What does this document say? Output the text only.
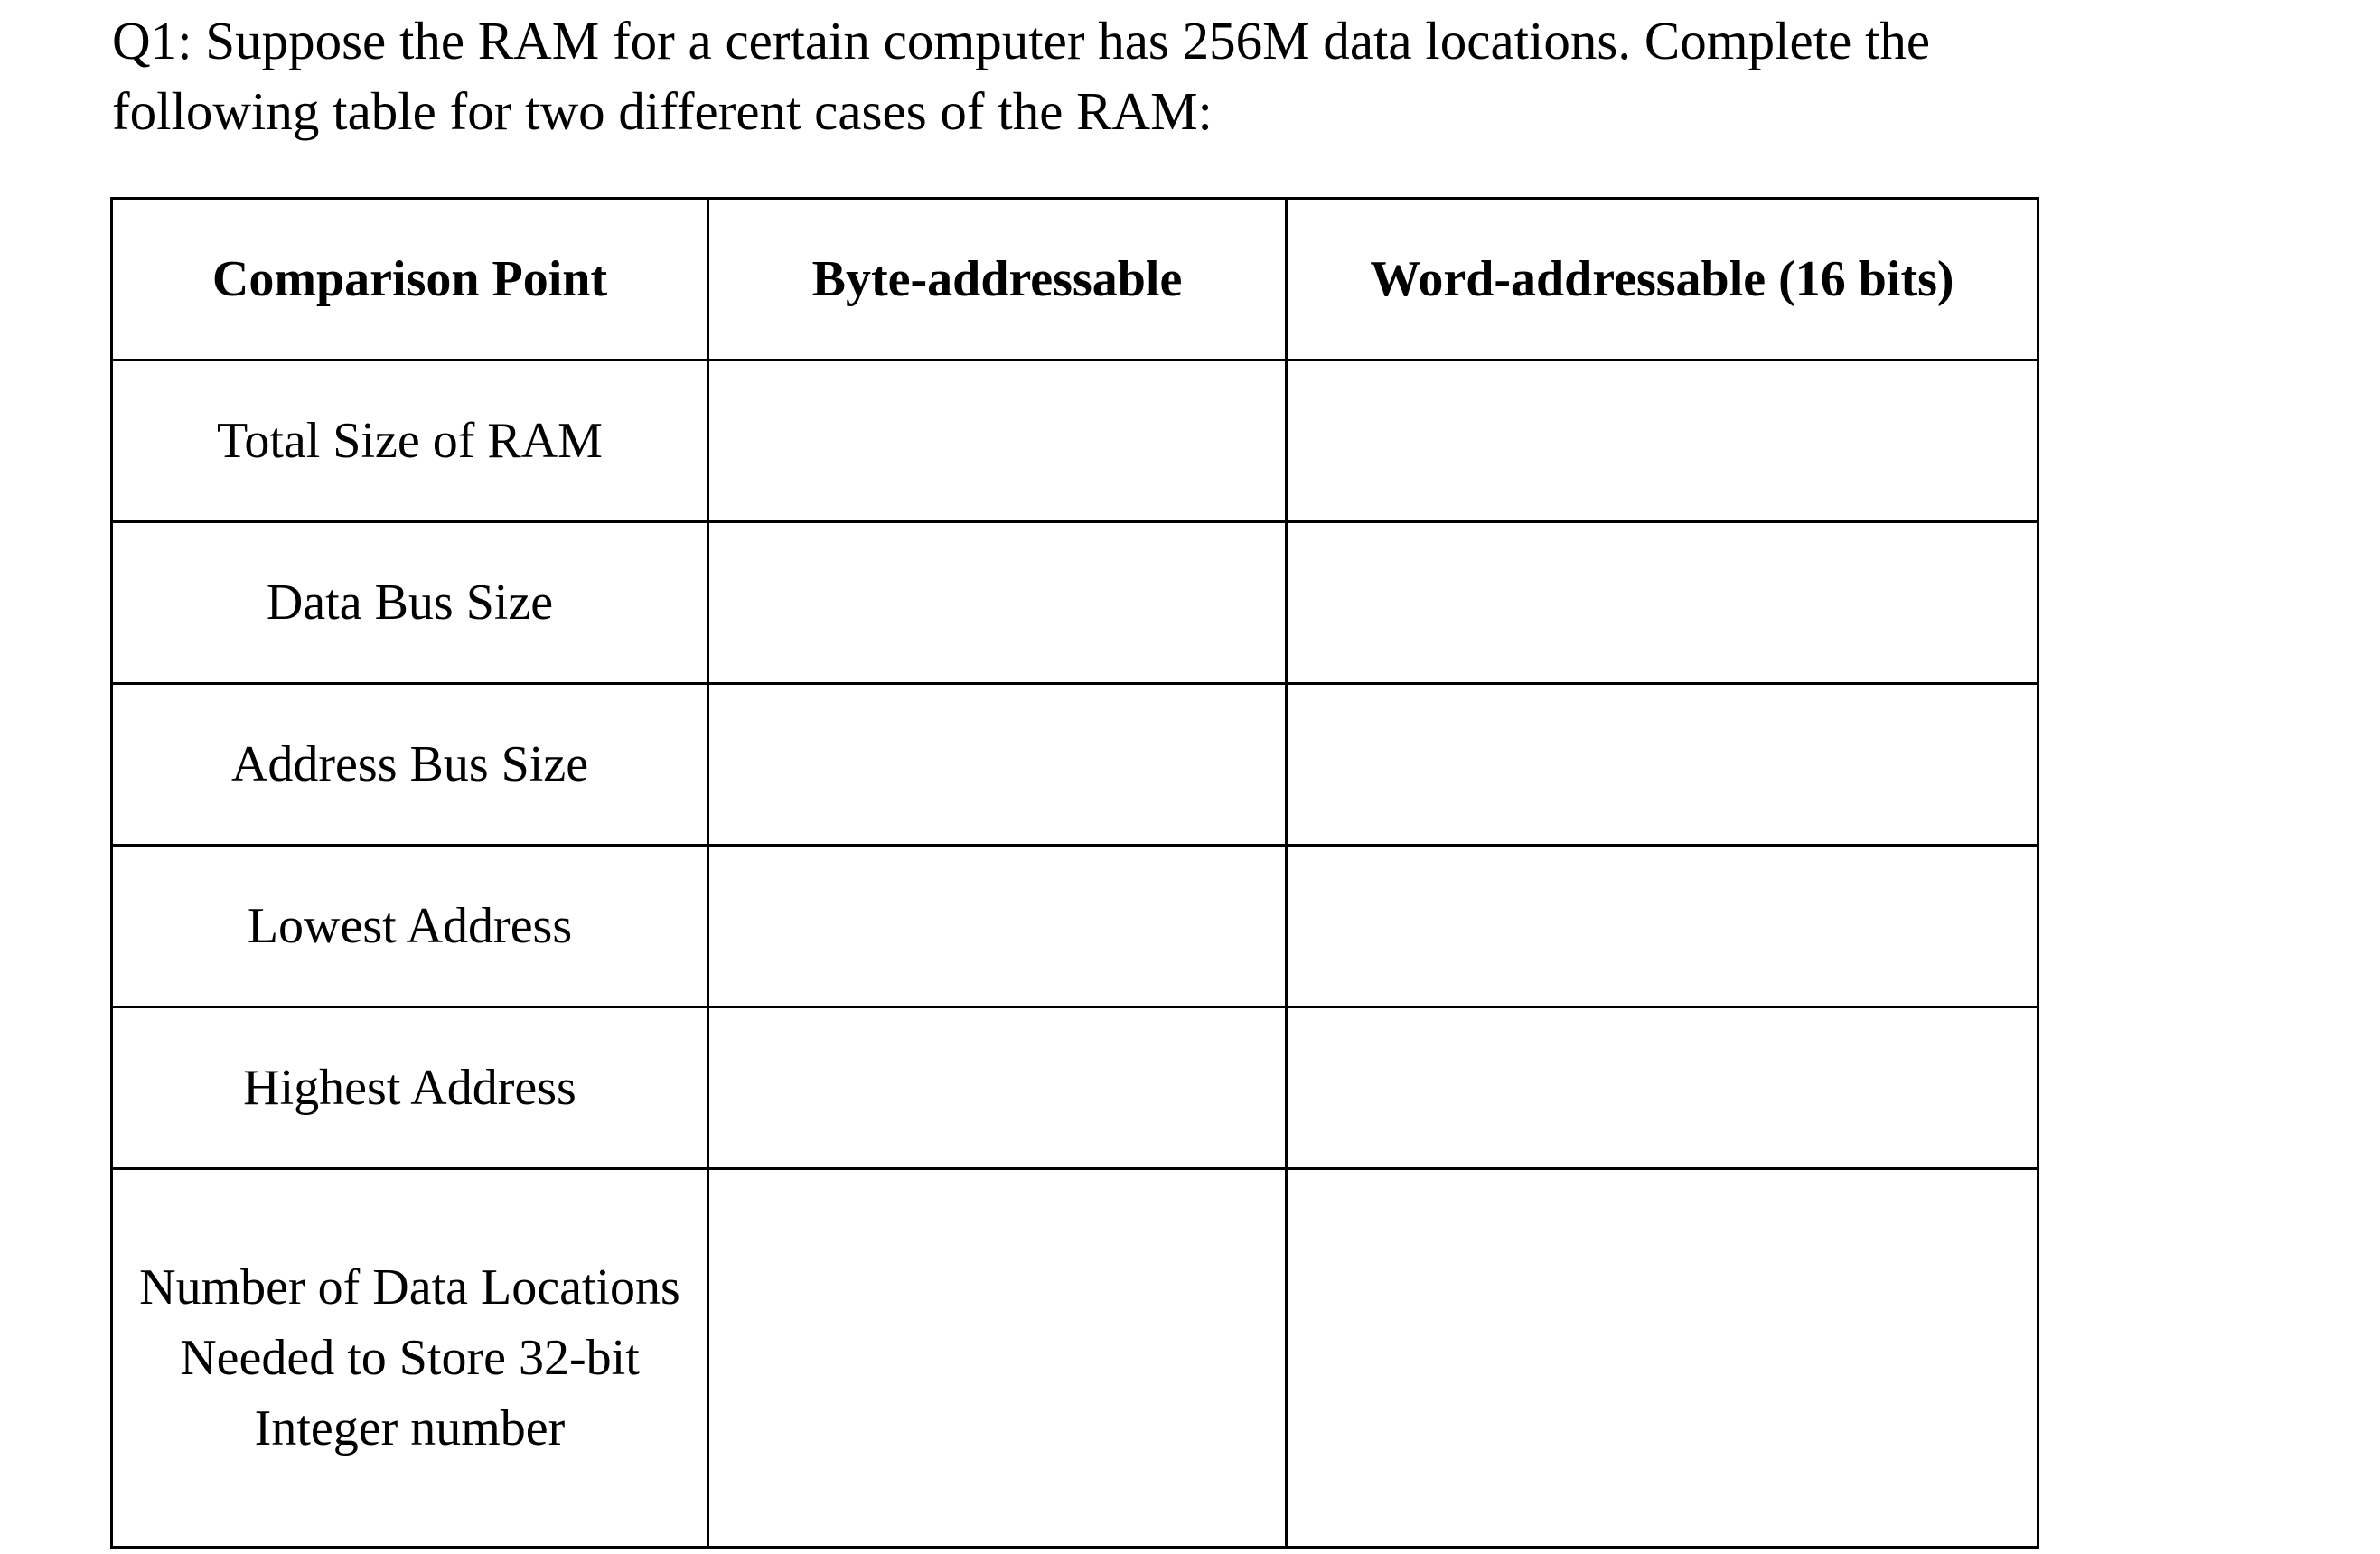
Q1: Suppose the RAM for a certain computer has 256M data locations. Complete the following table for two different cases of the RAM:

Comparison Point	Byte-addressable	Word-addressable (16 bits)
Total Size of RAM		
Data Bus Size		
Address Bus Size		
Lowest Address		
Highest Address		
Number of Data Locations Needed to Store 32-bit Integer number		
